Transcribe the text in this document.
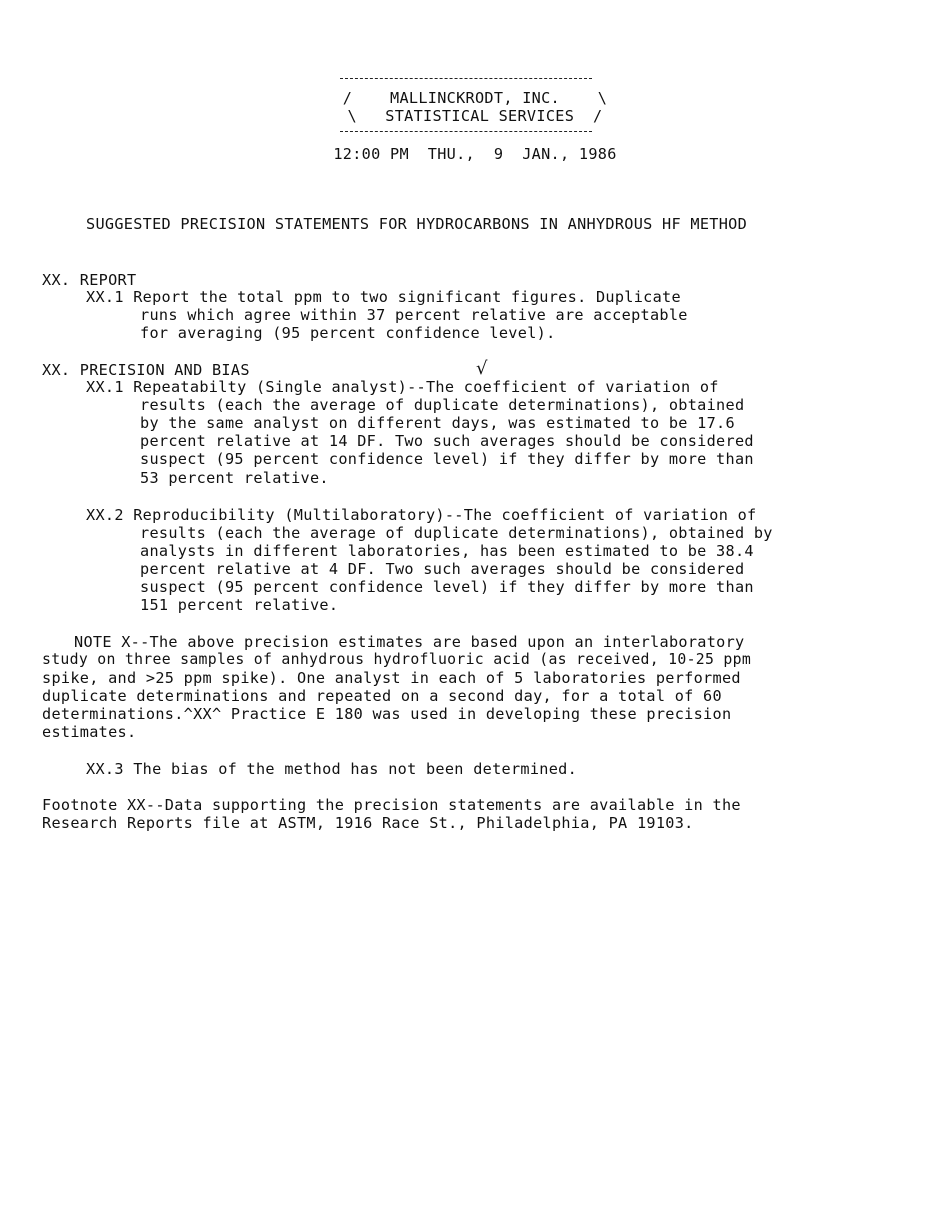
/    MALLINCKRODT, INC.    \
\   STATISTICAL SERVICES  /
12:00 PM  THU.,  9  JAN., 1986
SUGGESTED PRECISION STATEMENTS FOR HYDROCARBONS IN ANHYDROUS HF METHOD
XX. REPORT
XX.1 Report the total ppm to two significant figures. Duplicate
runs which agree within 37 percent relative are acceptable
for averaging (95 percent confidence level).
XX. PRECISION AND BIAS	√
XX.1 Repeatabilty (Single analyst)--The coefficient of variation of
results (each the average of duplicate determinations), obtained
by the same analyst on different days, was estimated to be 17.6
percent relative at 14 DF. Two such averages should be considered
suspect (95 percent confidence level) if they differ by more than
53 percent relative.
XX.2 Reproducibility (Multilaboratory)--The coefficient of variation of
results (each the average of duplicate determinations), obtained by
analysts in different laboratories, has been estimated to be 38.4
percent relative at 4 DF. Two such averages should be considered
suspect (95 percent confidence level) if they differ by more than
151 percent relative.
NOTE X--The above precision estimates are based upon an interlaboratory
study on three samples of anhydrous hydrofluoric acid (as received, 10-25 ppm
spike, and >25 ppm spike). One analyst in each of 5 laboratories performed
duplicate determinations and repeated on a second day, for a total of 60
determinations.^XX^ Practice E 180 was used in developing these precision
estimates.
XX.3 The bias of the method has not been determined.
Footnote XX--Data supporting the precision statements are available in the
Research Reports file at ASTM, 1916 Race St., Philadelphia, PA 19103.
